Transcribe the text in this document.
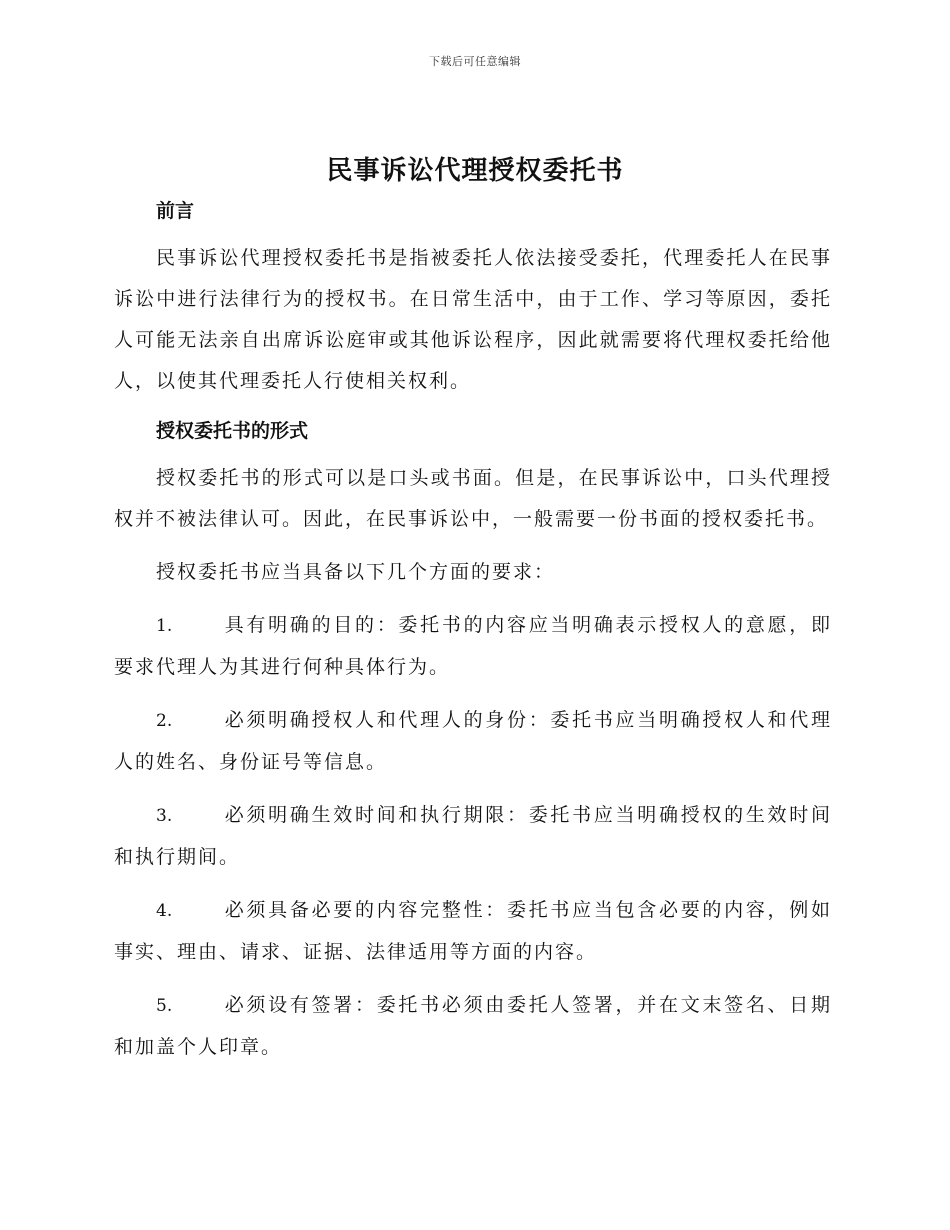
下载后可任意编辑
民事诉讼代理授权委托书

前言

民事诉讼代理授权委托书是指被委托人依法接受委托，代理委托人在民事诉讼中进行法律行为的授权书。在日常生活中，由于工作、学习等原因，委托人可能无法亲自出席诉讼庭审或其他诉讼程序，因此就需要将代理权委托给他人，以使其代理委托人行使相关权利。

授权委托书的形式

授权委托书的形式可以是口头或书面。但是，在民事诉讼中，口头代理授权并不被法律认可。因此，在民事诉讼中，一般需要一份书面的授权委托书。

授权委托书应当具备以下几个方面的要求：

1.	具有明确的目的：委托书的内容应当明确表示授权人的意愿，即要求代理人为其进行何种具体行为。

2.	必须明确授权人和代理人的身份：委托书应当明确授权人和代理人的姓名、身份证号等信息。

3.	必须明确生效时间和执行期限：委托书应当明确授权的生效时间和执行期间。

4.	必须具备必要的内容完整性：委托书应当包含必要的内容，例如事实、理由、请求、证据、法律适用等方面的内容。

5.	必须设有签署：委托书必须由委托人签署，并在文末签名、日期和加盖个人印章。
